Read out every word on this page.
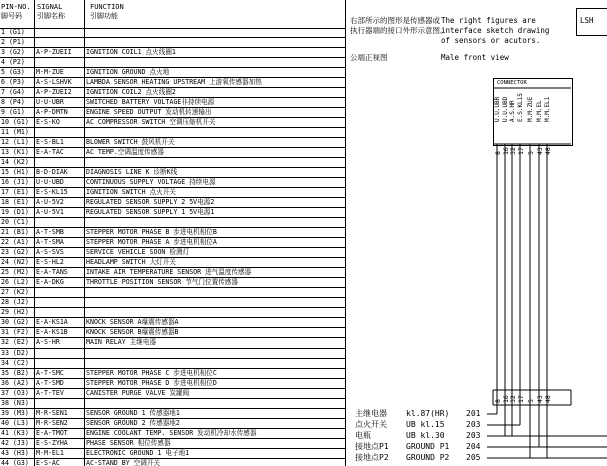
PIN-NO.
脚号码
SIGNAL
引脚名称
FUNCTION
引脚功能
1 (G1)
2 (P1)
3 (G2)	A-P-ZUEII	IGNITION COIL1 点火线圈1
4 (P2)
5 (G3)	M-M-ZUE	IGNITION GROUND 点火地
6 (P3)	A-S-LSHVK	LAMBDA SENSOR HEATING UPSTREAM 上游氧传感器加热
7 (G4)	A-P-ZUEI2	IGNITION COIL2 点火线圈2
8 (P4)	U-U-UBR	SWITCHED BATTERY VOLTAGE非持续电源
9 (G1)	A-P-DMTN	ENGINE SPEED OUTPUT 发动机转速输出
10 (G1)	E-S-KO	AC COMPRESSOR SWITCH 空调压缩机开关
11 (M1)
12 (L1)	E-S-BL1	BLOWER SWITCH 鼓风机开关
13 (K1)	E-A-TAC	AC TEMP.空调温度传感器
14 (K2)
15 (H1)	B-D-DIAK	DIAGNOSIS LINE K 诊断K线
16 (J1)	U-U-UBD	CONTINUOUS SUPPLY VOLTAGE 持续电源
17 (E1)	E-S-KL15	IGNITION SWITCH 点火开关
18 (E1)	A-U-5V2	REGULATED SENSOR SUPPLY 2 5V电源2
19 (D1)	A-U-5V1	REGULATED SENSOR SUPPLY 1 5V电源1
20 (C1)
21 (B1)	A-T-SMB	STEPPER MOTOR PHASE B 步进电机相位B
22 (A1)	A-T-SMA	STEPPER MOTOR PHASE A 步进电机相位A
23 (G2)	A-S-SVS	SERVICE VEHICLE SOON 检测灯
24 (N2)	E-S-HL2	HEADLAMP SWITCH 大灯开关
25 (M2)	E-A-TANS	INTAKE AIR TEMPERATURE SENSOR 进气温度传感器
26 (L2)	E-A-DKG	THROTTLE POSITION SENSOR 节气门位置传感器
27 (K2)
28 (J2)
29 (H2)
30 (G2)	E-A-KS1A	KNOCK SENSOR A爆震传感器A
31 (F2)	E-A-KS1B	KNOCK SENSOR B爆震传感器B
32 (E2)	A-S-HR	MAIN RELAY 主继电器
33 (D2)
34 (C2)
35 (B2)	A-T-SMC	STEPPER MOTOR PHASE C 步进电机相位C
36 (A2)	A-T-SMD	STEPPER MOTOR PHASE D 步进电机相位D
37 (O3)	A-T-TEV	CANISTER PURGE VALVE 炭罐阀
38 (N3)
39 (M3)	M-R-SEN1	SENSOR GROUND 1 传感器地1
40 (L3)	M-R-SEN2	SENSOR GROUND 2 传感器地2
41 (K3)	E-A-TMOT	ENGINE COOLANT TEMP. SENSOR 发动机冷却水传感器
42 (J3)	E-S-ZYHA	PHASE SENSOR 相位传感器
43 (H3)	M-M-EL1	ELECTRONIC GROUND 1 电子地1
44 (G3)	E-S-AC	AC-STAND BY 空调开关
右部所示的图形是传感器或
执行器端的接口外形示意图。
The right figures are
interface sketch drawing
of sensors or acutors.
LSH
公端正视图	Male front view
CONNECTOR
U.U.UBR
8
U.U.UBD
16
A.S.HR
32
E.S.KL15
17
M.M.ZUE
5
M.M.EL
43
M.M.EL1
48
8 16 32 17 5 43 48
主继电器 kl.87(HR) 201
点火开关 UB kl.15	203
电瓶	UB kl.30	203
接地点P1 GROUND P1 204
接地点P2 GROUND P2 205
